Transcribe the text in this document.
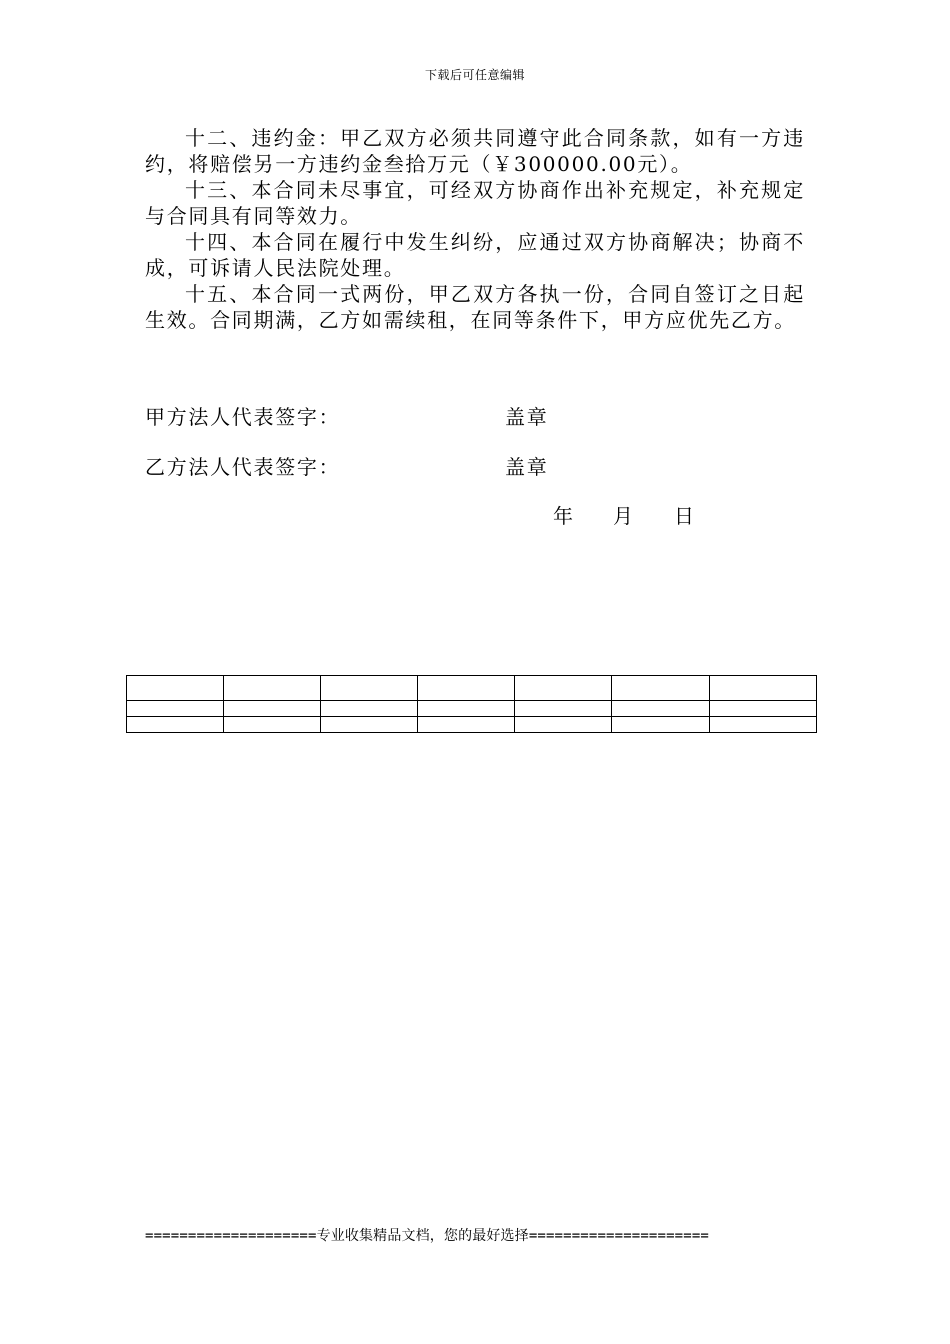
下载后可任意编辑

十二、违约金：甲乙双方必须共同遵守此合同条款，如有一方违约，将赔偿另一方违约金叁拾万元（￥300000.00元）。

十三、本合同未尽事宜，可经双方协商作出补充规定，补充规定与合同具有同等效力。

十四、本合同在履行中发生纠纷，应通过双方协商解决；协商不成，可诉请人民法院处理。

十五、本合同一式两份，甲乙双方各执一份，合同自签订之日起生效。合同期满，乙方如需续租，在同等条件下，甲方应优先乙方。

甲方法人代表签字：	盖章
乙方法人代表签字：	盖章
年 月 日

====================专业收集精品文档，您的最好选择=====================
